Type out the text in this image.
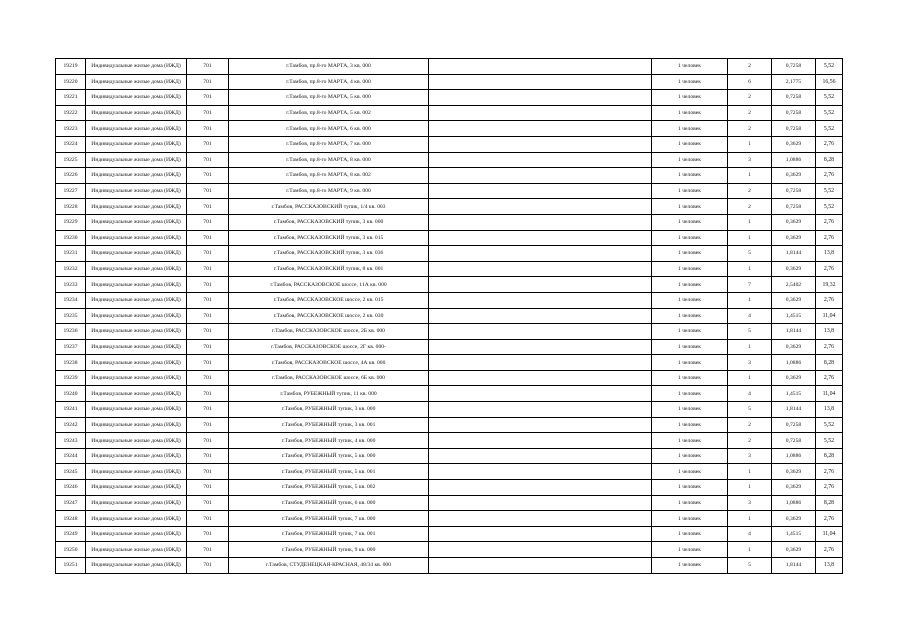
19219	Индивидуальные жилые дома (ИЖД)	701	г.Тамбов, пр.8-го МАРТА, 3 кв. 000		1 человек	2	0,7258	5,52
19220	Индивидуальные жилые дома (ИЖД)	701	г.Тамбов, пр.8-го МАРТА, 4 кв. 000		1 человек	6	2,1775	16,56
19221	Индивидуальные жилые дома (ИЖД)	701	г.Тамбов, пр.8-го МАРТА, 5 кв. 000		1 человек	2	0,7258	5,52
19222	Индивидуальные жилые дома (ИЖД)	701	г.Тамбов, пр.8-го МАРТА, 5 кв. 002		1 человек	2	0,7258	5,52
19223	Индивидуальные жилые дома (ИЖД)	701	г.Тамбов, пр.8-го МАРТА, 6 кв. 000		1 человек	2	0,7258	5,52
19224	Индивидуальные жилые дома (ИЖД)	701	г.Тамбов, пр.8-го МАРТА, 7 кв. 000		1 человек	1	0,3629	2,76
19225	Индивидуальные жилые дома (ИЖД)	701	г.Тамбов, пр.8-го МАРТА, 8 кв. 000		1 человек	3	1,0886	8,28
19226	Индивидуальные жилые дома (ИЖД)	701	г.Тамбов, пр.8-го МАРТА, 8 кв. 002		1 человек	1	0,3629	2,76
19227	Индивидуальные жилые дома (ИЖД)	701	г.Тамбов, пр.8-го МАРТА, 9 кв. 000		1 человек	2	0,7258	5,52
19228	Индивидуальные жилые дома (ИЖД)	701	г.Тамбов, РАССКАЗОВСКИЙ тупик, 1/4 кв. 003		1 человек	2	0,7258	5,52
19229	Индивидуальные жилые дома (ИЖД)	701	г.Тамбов, РАССКАЗОВСКИЙ тупик, 3 кв. 000		1 человек	1	0,3629	2,76
19230	Индивидуальные жилые дома (ИЖД)	701	г.Тамбов, РАССКАЗОВСКИЙ тупик, 3 кв. 015		1 человек	1	0,3629	2,76
19231	Индивидуальные жилые дома (ИЖД)	701	г.Тамбов, РАССКАЗОВСКИЙ тупик, 3 кв. 036		1 человек	5	1,8144	13,8
19232	Индивидуальные жилые дома (ИЖД)	701	г.Тамбов, РАССКАЗОВСКИЙ тупик, 8 кв. 001		1 человек	1	0,3629	2,76
19233	Индивидуальные жилые дома (ИЖД)	701	г.Тамбов, РАССКАЗОВСКОЕ шоссе, 11А кв. 000		1 человек	7	2,5402	19,32
19234	Индивидуальные жилые дома (ИЖД)	701	г.Тамбов, РАССКАЗОВСКОЕ шоссе, 2 кв. 015		1 человек	1	0,3629	2,76
19235	Индивидуальные жилые дома (ИЖД)	701	г.Тамбов, РАССКАЗОВСКОЕ шоссе, 2 кв. 030		1 человек	4	1,4515	11,04
19236	Индивидуальные жилые дома (ИЖД)	701	г.Тамбов, РАССКАЗОВСКОЕ шоссе, 2Б кв. 000		1 человек	5	1,8144	13,8
19237	Индивидуальные жилые дома (ИЖД)	701	г.Тамбов, РАССКАЗОВСКОЕ шоссе, 2Г кв. 000-		1 человек	1	0,3629	2,76
19238	Индивидуальные жилые дома (ИЖД)	701	г.Тамбов, РАССКАЗОВСКОЕ шоссе, 4А кв. 000		1 человек	3	1,0886	8,28
19239	Индивидуальные жилые дома (ИЖД)	701	г.Тамбов, РАССКАЗОВСКОЕ шоссе, 6Б кв. 000		1 человек	1	0,3629	2,76
19240	Индивидуальные жилые дома (ИЖД)	701	г.Тамбов, РУБЕЖНЫЙ тупик, 11 кв. 000		1 человек	4	1,4515	11,04
19241	Индивидуальные жилые дома (ИЖД)	701	г.Тамбов, РУБЕЖНЫЙ тупик, 3 кв. 000		1 человек	5	1,8144	13,8
19242	Индивидуальные жилые дома (ИЖД)	701	г.Тамбов, РУБЕЖНЫЙ тупик, 3 кв. 001		1 человек	2	0,7258	5,52
19243	Индивидуальные жилые дома (ИЖД)	701	г.Тамбов, РУБЕЖНЫЙ тупик, 4 кв. 000		1 человек	2	0,7258	5,52
19244	Индивидуальные жилые дома (ИЖД)	701	г.Тамбов, РУБЕЖНЫЙ тупик, 5 кв. 000		1 человек	3	1,0886	8,28
19245	Индивидуальные жилые дома (ИЖД)	701	г.Тамбов, РУБЕЖНЫЙ тупик, 5 кв. 001		1 человек	1	0,3629	2,76
19246	Индивидуальные жилые дома (ИЖД)	701	г.Тамбов, РУБЕЖНЫЙ тупик, 5 кв. 002		1 человек	1	0,3629	2,76
19247	Индивидуальные жилые дома (ИЖД)	701	г.Тамбов, РУБЕЖНЫЙ тупик, 6 кв. 000		1 человек	3	1,0886	8,28
19248	Индивидуальные жилые дома (ИЖД)	701	г.Тамбов, РУБЕЖНЫЙ тупик, 7 кв. 000		1 человек	1	0,3629	2,76
19249	Индивидуальные жилые дома (ИЖД)	701	г.Тамбов, РУБЕЖНЫЙ тупик, 7 кв. 001		1 человек	4	1,4515	11,04
19250	Индивидуальные жилые дома (ИЖД)	701	г.Тамбов, РУБЕЖНЫЙ тупик, 9 кв. 000		1 человек	1	0,3629	2,76
19251	Индивидуальные жилые дома (ИЖД)	701	г.Тамбов, СТУДЕНЕЦКАЯ-КРАСНАЯ, 48/34 кв. 000		1 человек	5	1,8144	13,8
